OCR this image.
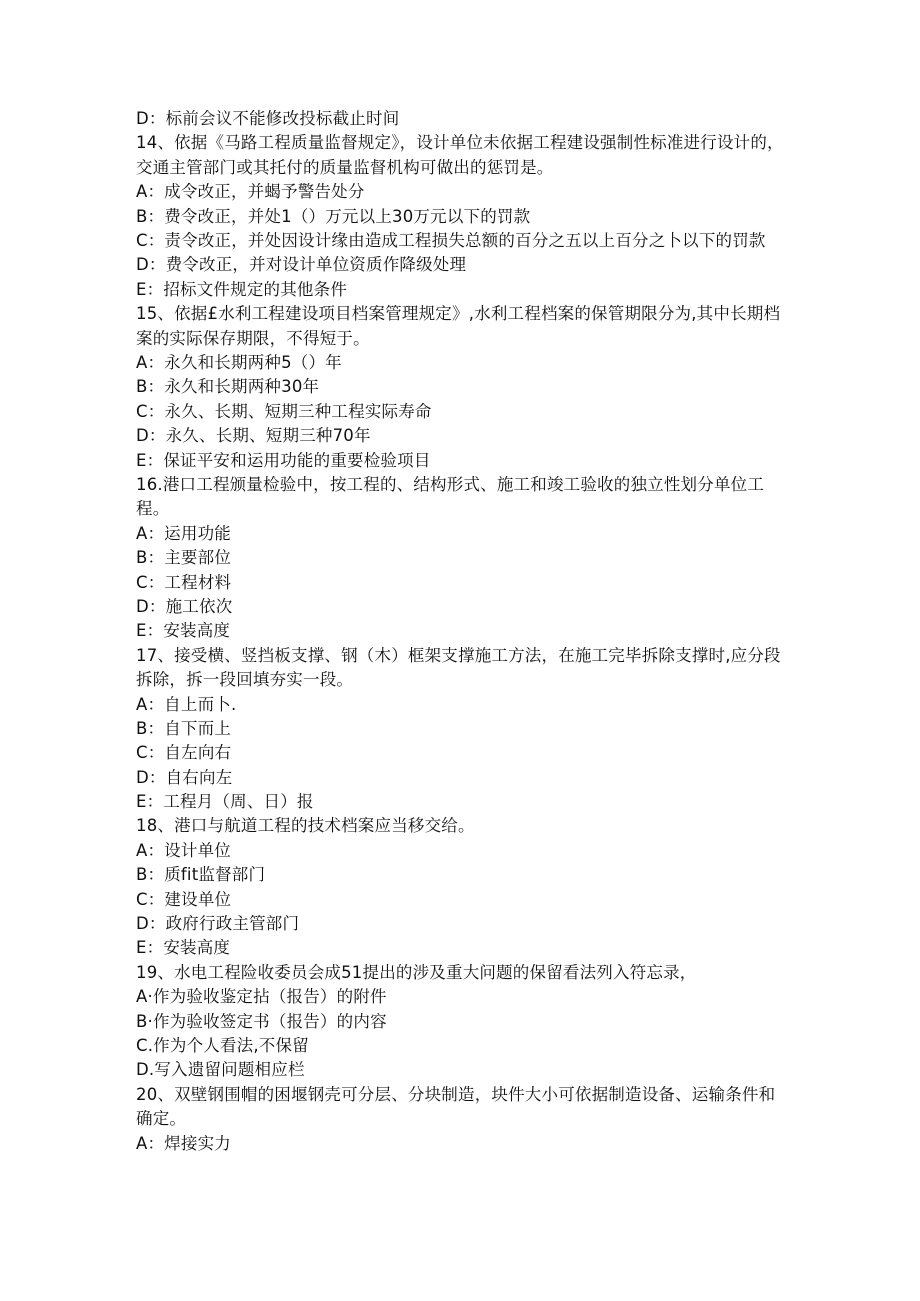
D：标前会议不能修改投标截止时间
14、依据《马路工程质量监督规定》，设计单位未依据工程建设强制性标准进行设计的，交通主管部门或其托付的质量监督机构可做出的惩罚是。
A：成令改正，并蝎予警告处分
B：费令改正，并处1（）万元以上30万元以下的罚款
C：责令改正，并处因设计缘由造成工程损失总额的百分之五以上百分之卜以下的罚款
D：费令改正，并对设计单位资质作降级处理
E：招标文件规定的其他条件
15、依据£水利工程建设项目档案管理规定》,水利工程档案的保管期限分为,其中长期档案的实际保存期限，不得短于。
A：永久和长期两种5（）年
B：永久和长期两种30年
C：永久、长期、短期三种工程实际寿命
D：永久、长期、短期三种70年
E：保证平安和运用功能的重要检验项目
16.港口工程颁量检验中，按工程的、结构形式、施工和竣工验收的独立性划分单位工程。
A：运用功能
B：主要部位
C：工程材料
D：施工依次
E：安装高度
17、接受横、竖挡板支撑、钢（木）框架支撑施工方法，在施工完毕拆除支撑时,应分段拆除，拆一段回填夯实一段。
A：自上而卜.
B：自下而上
C：自左向右
D：自右向左
E：工程月（周、日）报
18、港口与航道工程的技术档案应当移交给。
A：设计单位
B：质fit监督部门
C：建设单位
D：政府行政主管部门
E：安装高度
19、水电工程险收委员会成51提出的涉及重大问题的保留看法列入符忘录，
A·作为验收鉴定拈（报告）的附件
B·作为验收签定书（报告）的内容
C.作为个人看法,不保留
D.写入遗留问题相应栏
20、双壁钢围帽的困堰钢壳可分层、分块制造，块件大小可依据制造设备、运输条件和确定。
A：焊接实力
